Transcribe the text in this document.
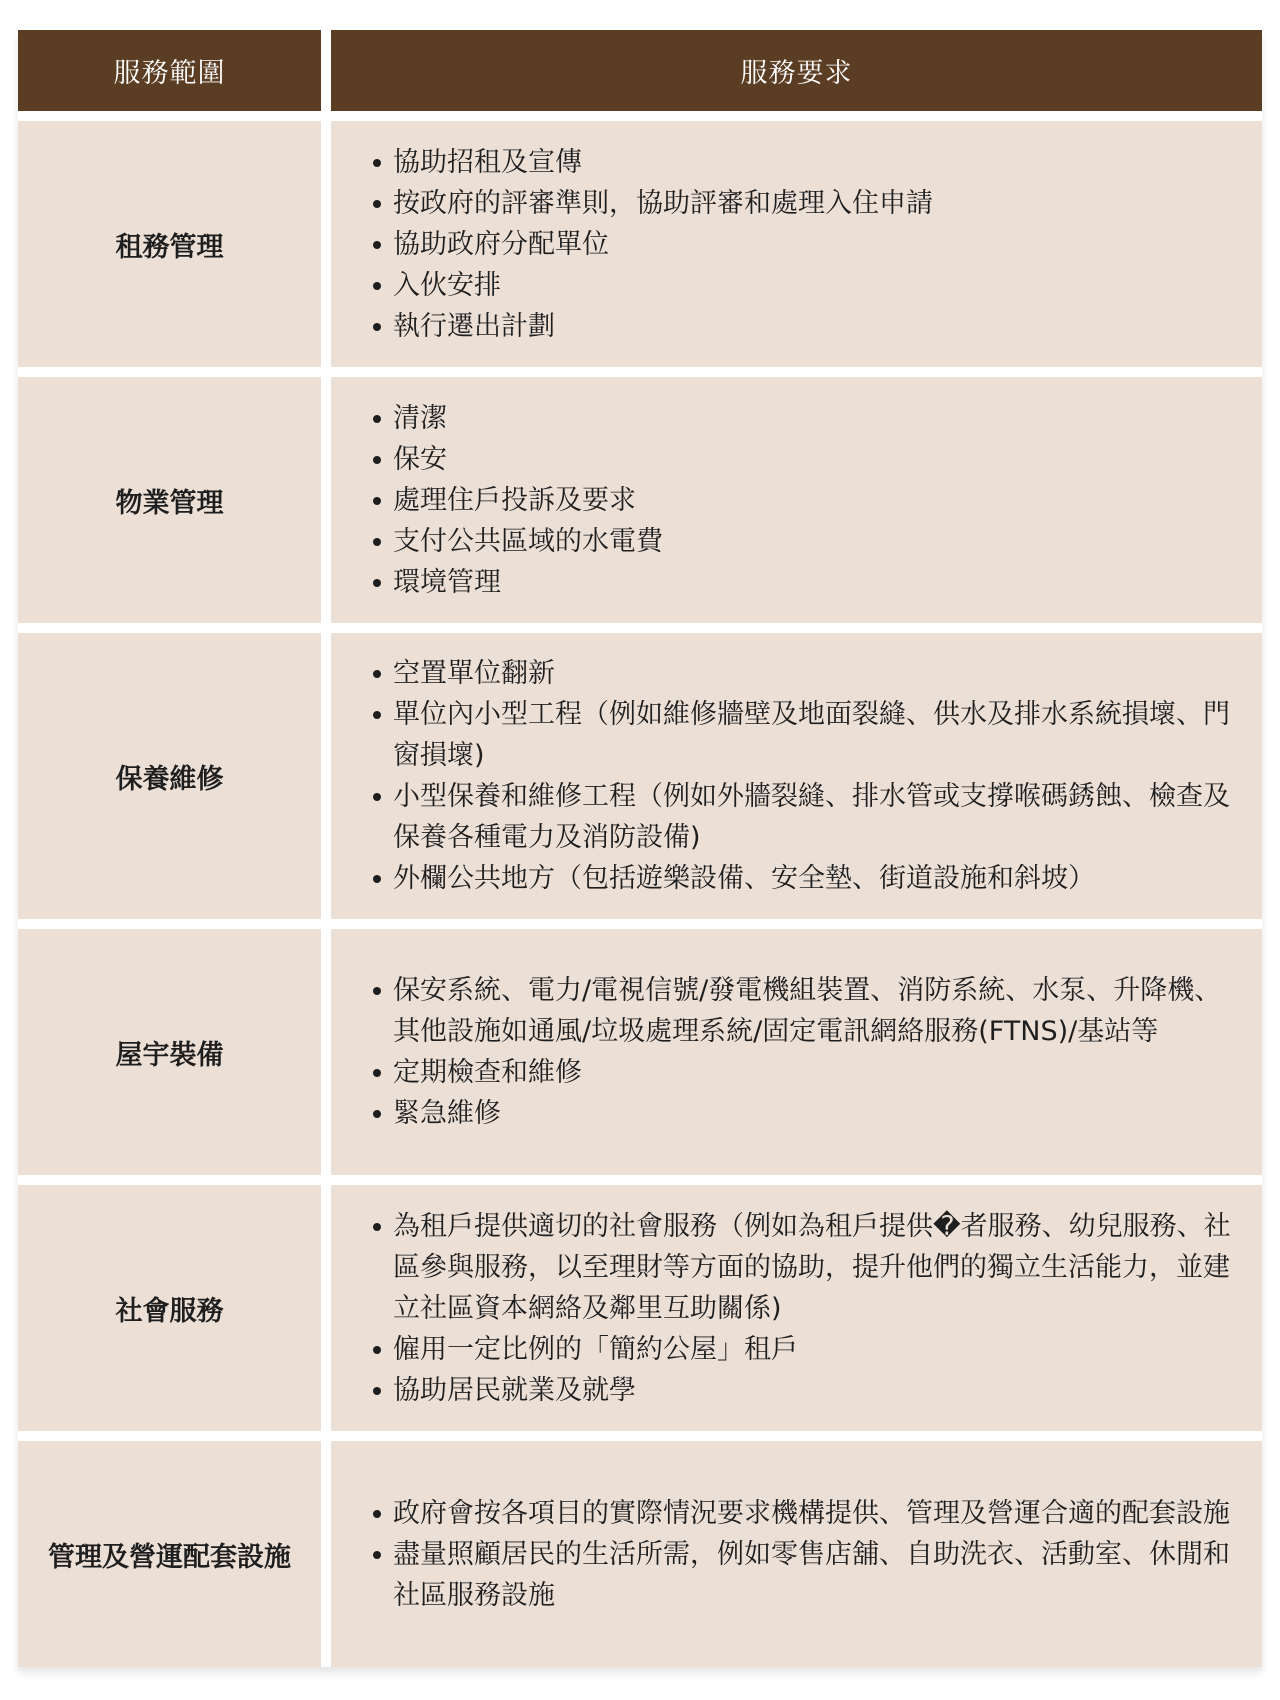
服務範圍	服務要求
租務管理
協助招租及宣傳
按政府的評審準則，協助評審和處理入住申請
協助政府分配單位
入伙安排
執行遷出計劃
物業管理
清潔
保安
處理住戶投訴及要求
支付公共區域的水電費
環境管理
保養維修
空置單位翻新
單位內小型工程（例如維修牆壁及地面裂縫、供水及排水系統損壞、門窗損壞)
小型保養和維修工程（例如外牆裂縫、排水管或支撐喉碼銹蝕、檢查及保養各種電力及消防設備)
外欄公共地方（包括遊樂設備、安全墊、街道設施和斜坡）
屋宇裝備
保安系統、電力/電視信號/發電機組裝置、消防系統、水泵、升降機、其他設施如通風/垃圾處理系統/固定電訊網絡服務(FTNS)/基站等
定期檢查和維修
緊急維修
社會服務
為租戶提供適切的社會服務（例如為租戶提供�者服務、幼兒服務、社區參與服務，以至理財等方面的協助，提升他們的獨立生活能力，並建立社區資本網絡及鄰里互助關係)
僱用一定比例的「簡約公屋」租戶
協助居民就業及就學
管理及營運配套設施
政府會按各項目的實際情況要求機構提供、管理及營運合適的配套設施
盡量照顧居民的生活所需，例如零售店舖、自助洗衣、活動室、休閒和社區服務設施
